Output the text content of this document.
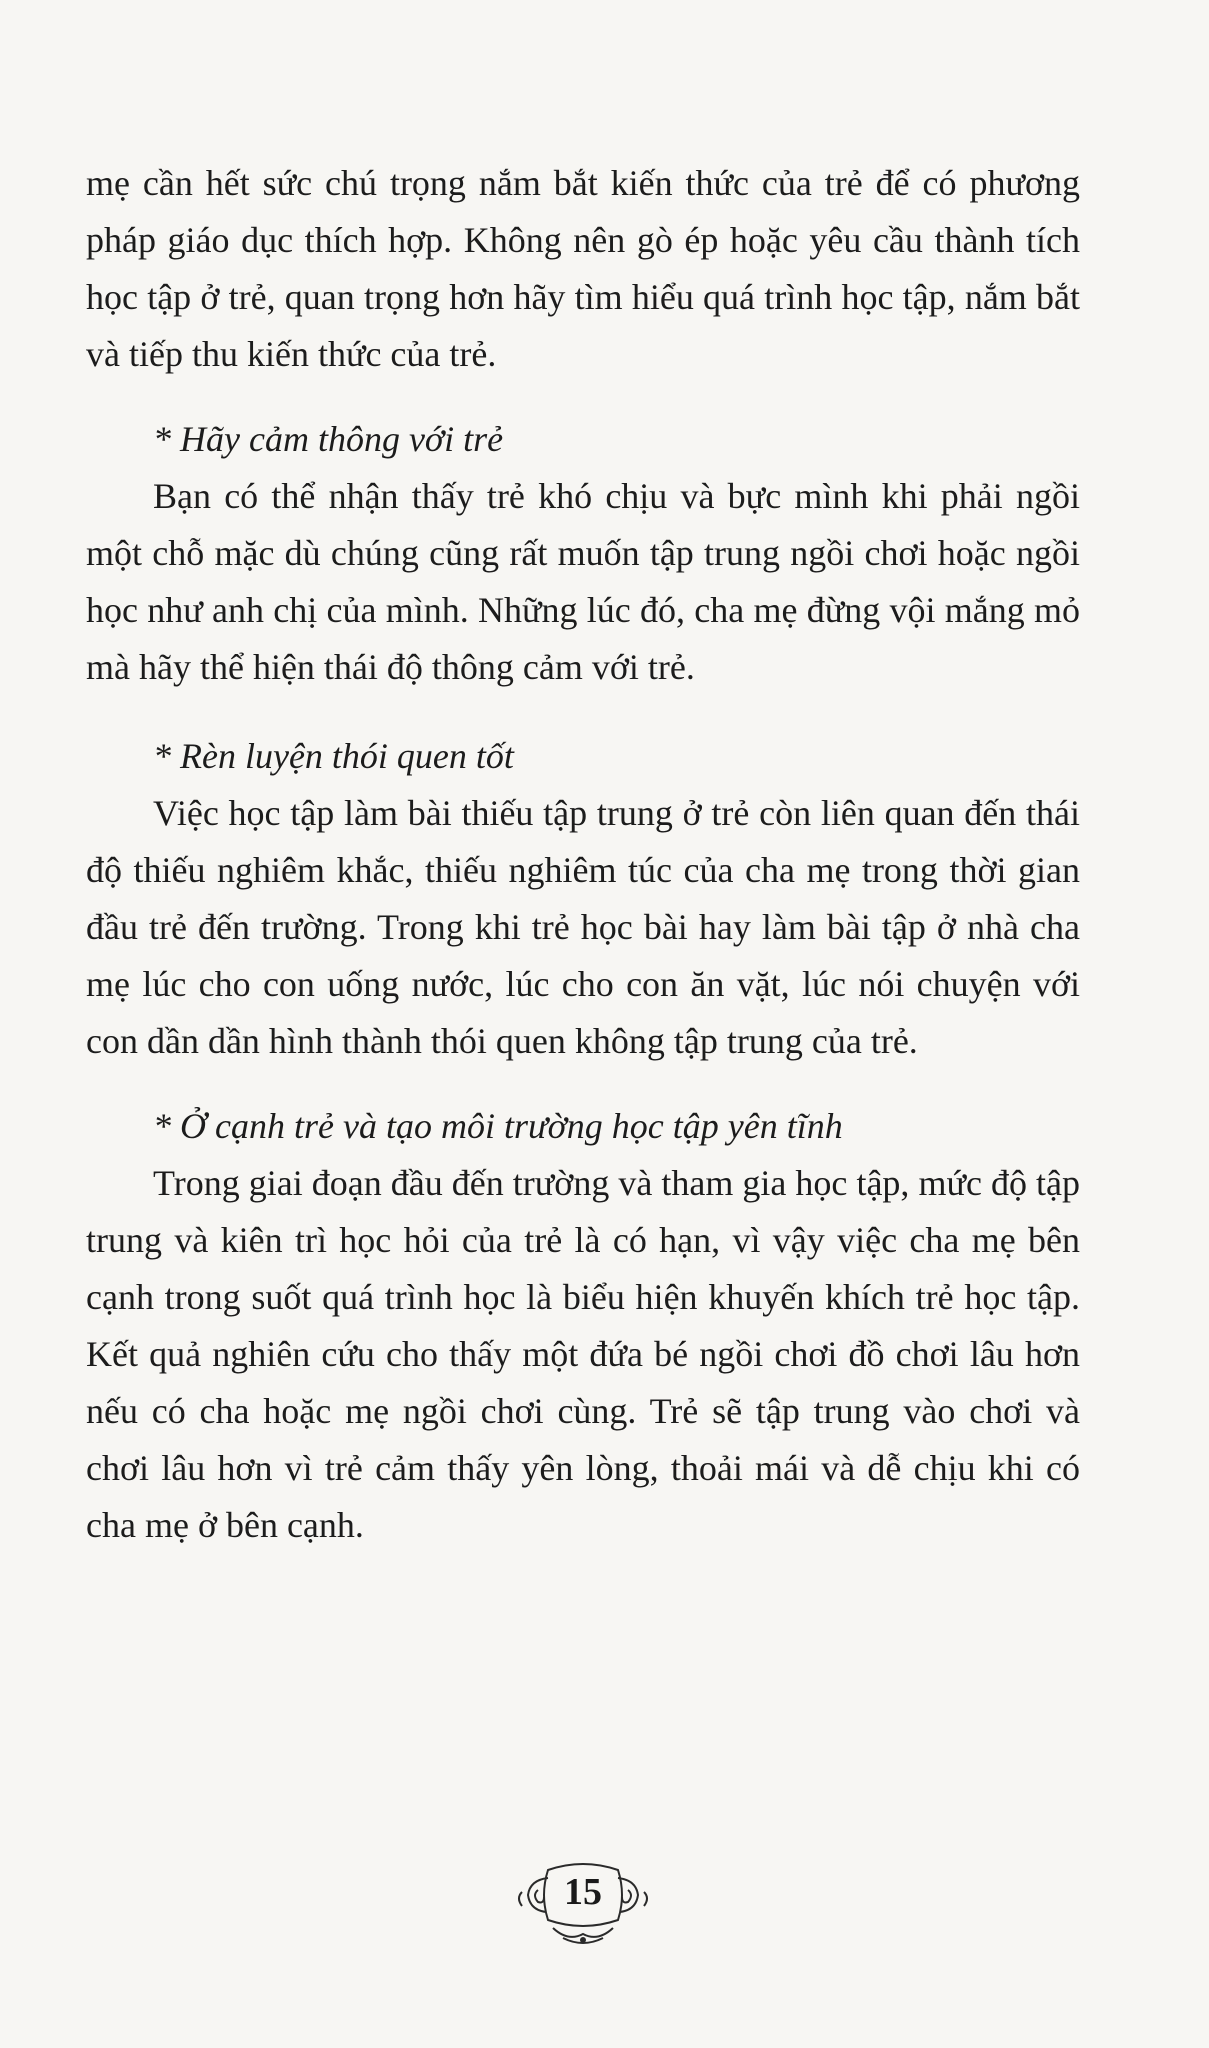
mẹ cần hết sức chú trọng nắm bắt kiến thức của trẻ để có phương pháp giáo dục thích hợp. Không nên gò ép hoặc yêu cầu thành tích học tập ở trẻ, quan trọng hơn hãy tìm hiểu quá trình học tập, nắm bắt và tiếp thu kiến thức của trẻ.

* Hãy cảm thông với trẻ

Bạn có thể nhận thấy trẻ khó chịu và bực mình khi phải ngồi một chỗ mặc dù chúng cũng rất muốn tập trung ngồi chơi hoặc ngồi học như anh chị của mình. Những lúc đó, cha mẹ đừng vội mắng mỏ mà hãy thể hiện thái độ thông cảm với trẻ.

* Rèn luyện thói quen tốt

Việc học tập làm bài thiếu tập trung ở trẻ còn liên quan đến thái độ thiếu nghiêm khắc, thiếu nghiêm túc của cha mẹ trong thời gian đầu trẻ đến trường. Trong khi trẻ học bài hay làm bài tập ở nhà cha mẹ lúc cho con uống nước, lúc cho con ăn vặt, lúc nói chuyện với con dần dần hình thành thói quen không tập trung của trẻ.

* Ở cạnh trẻ và tạo môi trường học tập yên tĩnh

Trong giai đoạn đầu đến trường và tham gia học tập, mức độ tập trung và kiên trì học hỏi của trẻ là có hạn, vì vậy việc cha mẹ bên cạnh trong suốt quá trình học là biểu hiện khuyến khích trẻ học tập. Kết quả nghiên cứu cho thấy một đứa bé ngồi chơi đồ chơi lâu hơn nếu có cha hoặc mẹ ngồi chơi cùng. Trẻ sẽ tập trung vào chơi và chơi lâu hơn vì trẻ cảm thấy yên lòng, thoải mái và dễ chịu khi có cha mẹ ở bên cạnh.

15
